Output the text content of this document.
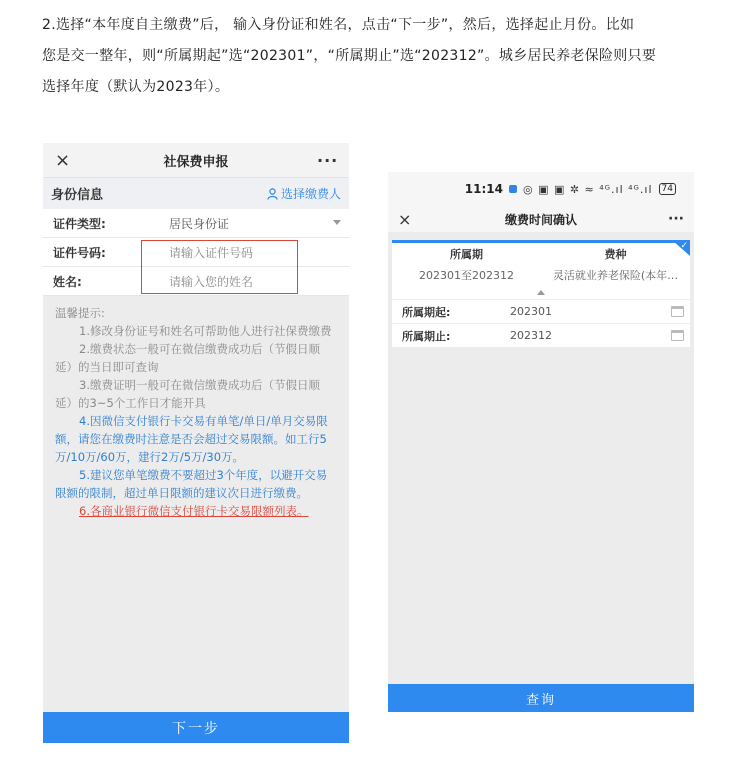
2.选择“本年度自主缴费”后， 输入身份证和姓名，点击“下一步”，然后，选择起止月份。比如
您是交一整年，则“所属期起”选“202301”，“所属期止”选“202312”。城乡居民养老保险则只要
选择年度（默认为2023年）。
×	社保费申报	···
身份信息	选择缴费人
证件类型:	居民身份证
证件号码:	请输入证件号码
姓名:	请输入您的姓名

温馨提示:

1.修改身份证号和姓名可帮助他人进行社保费缴费

2.缴费状态一般可在微信缴费成功后（节假日顺延）的当日即可查询

3.缴费证明一般可在微信缴费成功后（节假日顺延）的3~5个工作日才能开具

4.因微信支付银行卡交易有单笔/单日/单月交易限额，请您在缴费时注意是否会超过交易限额。如工行5万/10万/60万，建行2万/5万/30万。

5.建议您单笔缴费不要超过3个年度，以避开交易限额的限制，超过单日限额的建议次日进行缴费。

6.各商业银行微信支付银行卡交易限额列表。

下一步
11:14 ◎ ▣ ▣ ✲ ≈ ⁴ᴳ.ıl ⁴ᴳ.ıl	74
×	缴费时间确认	···
✓
所属期	费种
202301至202312	灵活就业养老保险(本年…
所属期起:	202301
所属期止:	202312
查询
